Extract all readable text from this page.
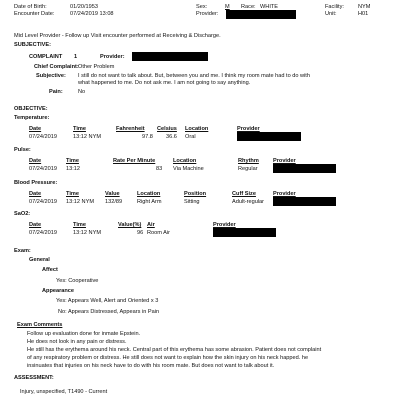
Date of Birth:	01/20/1953
Encounter Date:	07/24/2019 13:08
Sex:	M Race: WHITE
Provider:
Facility:	NYM
Unit:	H01
Mid Level Provider - Follow up Visit encounter performed at Receiving & Discharge.
SUBJECTIVE:
COMPLAINT 1	Provider:
Chief Complaint: Other Problem
Subjective: I still do not want to talk about. But, between you and me. I think my room mate had to do with
what happened to me. Do not ask me. I am not going to say anything.
Pain:	No
OBJECTIVE:
Temperature:
Date	Time	Fahrenheit Celsius Location	Provider
07/24/2019	13:12 NYM	97.8 36.6 Oral
Pulse:
Date	Time	Rate Per Minute	Location	Rhythm	Provider
07/24/2019 13:12	83 Via Machine	Regular
Blood Pressure:
Date	Time	Value	Location	Position	Cuff Size	Provider
07/24/2019 13:12 NYM 132/89	Right Arm	Sitting	Adult-regular
SaO2:
Date	Time	Value(%) Air	Provider
07/24/2019	13:12 NYM	96 Room Air
Exam:
General
Affect
Yes: Cooperative
Appearance
Yes: Appears Well, Alert and Oriented x 3
No: Appears Distressed, Appears in Pain
Exam Comments
Follow up evaluation done for inmate Epstein.
He does not look in any pain or distress.
He still has the erythema around his neck. Central part of this erythema has some abrasion. Patient does not complaint
of any respiratory problem or distress. He still does not want to explain how the skin injury on his neck happed. he
insinuates that injuries on his neck have to do with his room mate. But does not want to talk about it.
ASSESSMENT:
Injury, unspecified, T1490 - Current
